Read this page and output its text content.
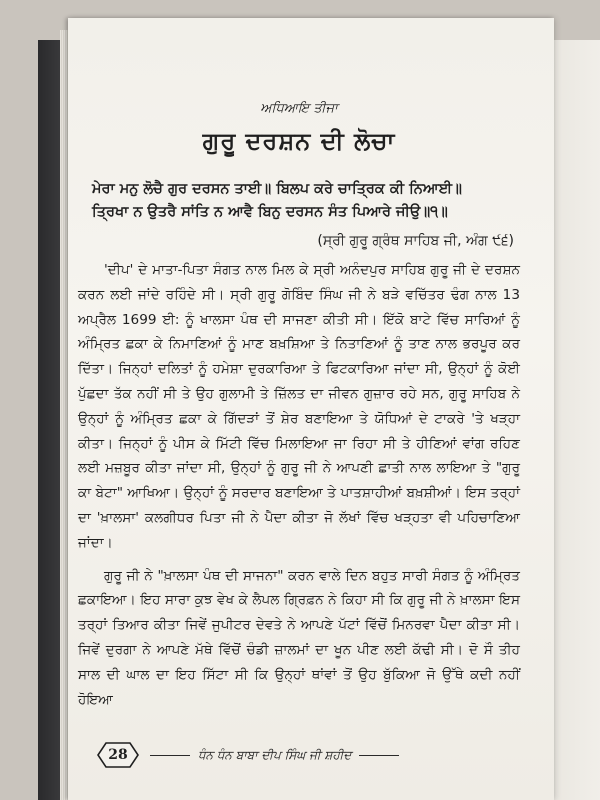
ਅਧਿਆਇ ਤੀਜਾ

ਗੁਰੂ ਦਰਸ਼ਨ ਦੀ ਲੋਚਾ

ਮੇਰਾ ਮਨੁ ਲੋਚੈ ਗੁਰ ਦਰਸਨ ਤਾਈ॥ ਬਿਲਪ ਕਰੇ ਚਾਤ੍ਰਿਕ ਕੀ ਨਿਆਈ॥

ਤ੍ਰਿਖਾ ਨ ਉਤਰੈ ਸਾਂਤਿ ਨ ਆਵੈ ਬਿਨੁ ਦਰਸਨ ਸੰਤ ਪਿਆਰੇ ਜੀਉ॥੧॥

(ਸ੍ਰੀ ਗੁਰੂ ਗ੍ਰੰਥ ਸਾਹਿਬ ਜੀ, ਅੰਗ ੯੬)

'ਦੀਪ' ਦੇ ਮਾਤਾ-ਪਿਤਾ ਸੰਗਤ ਨਾਲ ਮਿਲ ਕੇ ਸ੍ਰੀ ਅਨੰਦਪੁਰ ਸਾਹਿਬ ਗੁਰੂ ਜੀ ਦੇ ਦਰਸ਼ਨ ਕਰਨ ਲਈ ਜਾਂਦੇ ਰਹਿੰਦੇ ਸੀ। ਸ੍ਰੀ ਗੁਰੂ ਗੋਬਿੰਦ ਸਿੰਘ ਜੀ ਨੇ ਬੜੇ ਵਚਿੱਤਰ ਢੰਗ ਨਾਲ 13 ਅਪ੍ਰੈਲ 1699 ਈ: ਨੂੰ ਖਾਲਸਾ ਪੰਥ ਦੀ ਸਾਜਣਾ ਕੀਤੀ ਸੀ। ਇੱਕੋ ਬਾਟੇ ਵਿੱਚ ਸਾਰਿਆਂ ਨੂੰ ਅੰਮ੍ਰਿਤ ਛਕਾ ਕੇ ਨਿਮਾਣਿਆਂ ਨੂੰ ਮਾਣ ਬਖ਼ਸ਼ਿਆ ਤੇ ਨਿਤਾਣਿਆਂ ਨੂੰ ਤਾਣ ਨਾਲ ਭਰਪੂਰ ਕਰ ਦਿੱਤਾ। ਜਿਨ੍ਹਾਂ ਦਲਿਤਾਂ ਨੂੰ ਹਮੇਸ਼ਾ ਦੁਰਕਾਰਿਆ ਤੇ ਫਿਟਕਾਰਿਆ ਜਾਂਦਾ ਸੀ, ਉਨ੍ਹਾਂ ਨੂੰ ਕੋਈ ਪੁੱਛਦਾ ਤੱਕ ਨਹੀਂ ਸੀ ਤੇ ਉਹ ਗੁਲਾਮੀ ਤੇ ਜ਼ਿੱਲਤ ਦਾ ਜੀਵਨ ਗੁਜ਼ਾਰ ਰਹੇ ਸਨ, ਗੁਰੂ ਸਾਹਿਬ ਨੇ ਉਨ੍ਹਾਂ ਨੂੰ ਅੰਮ੍ਰਿਤ ਛਕਾ ਕੇ ਗਿੱਦੜਾਂ ਤੋਂ ਸ਼ੇਰ ਬਣਾਇਆ ਤੇ ਯੋਧਿਆਂ ਦੇ ਟਾਕਰੇ 'ਤੇ ਖੜ੍ਹਾ ਕੀਤਾ। ਜਿਨ੍ਹਾਂ ਨੂੰ ਪੀਸ ਕੇ ਮਿੱਟੀ ਵਿੱਚ ਮਿਲਾਇਆ ਜਾ ਰਿਹਾ ਸੀ ਤੇ ਹੀਣਿਆਂ ਵਾਂਗ ਰਹਿਣ ਲਈ ਮਜ਼ਬੂਰ ਕੀਤਾ ਜਾਂਦਾ ਸੀ, ਉਨ੍ਹਾਂ ਨੂੰ ਗੁਰੂ ਜੀ ਨੇ ਆਪਣੀ ਛਾਤੀ ਨਾਲ ਲਾਇਆ ਤੇ "ਗੁਰੂ ਕਾ ਬੇਟਾ" ਆਖਿਆ। ਉਨ੍ਹਾਂ ਨੂੰ ਸਰਦਾਰ ਬਣਾਇਆ ਤੇ ਪਾਤਸ਼ਾਹੀਆਂ ਬਖ਼ਸ਼ੀਆਂ। ਇਸ ਤਰ੍ਹਾਂ ਦਾ 'ਖ਼ਾਲਸਾ' ਕਲਗੀਧਰ ਪਿਤਾ ਜੀ ਨੇ ਪੈਦਾ ਕੀਤਾ ਜੋ ਲੱਖਾਂ ਵਿੱਚ ਖੜ੍ਹਤਾ ਵੀ ਪਹਿਚਾਣਿਆ ਜਾਂਦਾ।

ਗੁਰੂ ਜੀ ਨੇ "ਖ਼ਾਲਸਾ ਪੰਥ ਦੀ ਸਾਜਨਾ" ਕਰਨ ਵਾਲੇ ਦਿਨ ਬਹੁਤ ਸਾਰੀ ਸੰਗਤ ਨੂੰ ਅੰਮ੍ਰਿਤ ਛਕਾਇਆ। ਇਹ ਸਾਰਾ ਕੁਝ ਵੇਖ ਕੇ ਲੈਪਲ ਗ੍ਰਿਫ਼ਨ ਨੇ ਕਿਹਾ ਸੀ ਕਿ ਗੁਰੂ ਜੀ ਨੇ ਖ਼ਾਲਸਾ ਇਸ ਤਰ੍ਹਾਂ ਤਿਆਰ ਕੀਤਾ ਜਿਵੇਂ ਜੁਪੀਟਰ ਦੇਵਤੇ ਨੇ ਆਪਣੇ ਪੱਟਾਂ ਵਿੱਚੋਂ ਮਿਨਰਵਾ ਪੈਦਾ ਕੀਤਾ ਸੀ। ਜਿਵੇਂ ਦੁਰਗਾ ਨੇ ਆਪਣੇ ਮੱਥੇ ਵਿੱਚੋਂ ਚੰਡੀ ਜ਼ਾਲਮਾਂ ਦਾ ਖੂਨ ਪੀਣ ਲਈ ਕੱਢੀ ਸੀ। ਦੋ ਸੌ ਤੀਹ ਸਾਲ ਦੀ ਘਾਲ ਦਾ ਇਹ ਸਿੱਟਾ ਸੀ ਕਿ ਉਨ੍ਹਾਂ ਥਾਂਵਾਂ ਤੋਂ ਉਹ ਬੁੱਕਿਆ ਜੋ ਉੱਥੇ ਕਦੀ ਨਹੀਂ ਹੋਇਆ

28	ਧੰਨ ਧੰਨ ਬਾਬਾ ਦੀਪ ਸਿੰਘ ਜੀ ਸ਼ਹੀਦ
